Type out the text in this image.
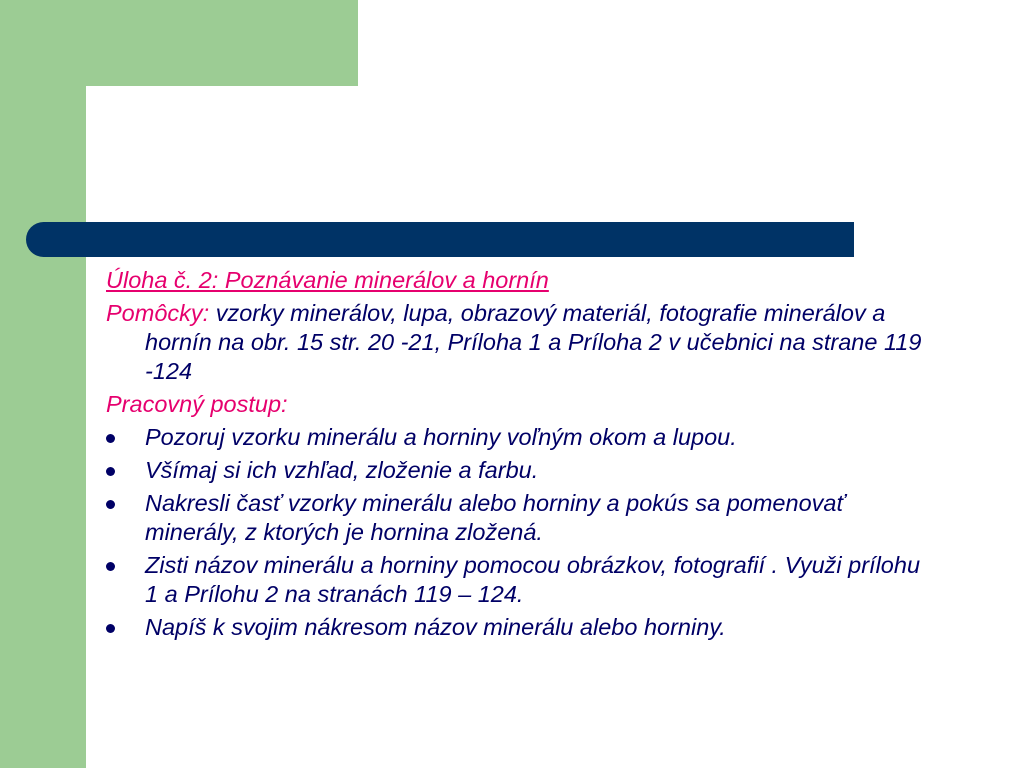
Úloha č. 2: Poznávanie minerálov a hornín
Pomôcky: vzorky minerálov, lupa, obrazový materiál, fotografie minerálov a hornín na obr. 15 str. 20 -21, Príloha 1 a Príloha 2 v učebnici na strane 119 -124
Pracovný postup:
Pozoruj vzorku minerálu a horniny voľným okom a lupou.
Všímaj si ich vzhľad, zloženie a farbu.
Nakresli časť vzorky minerálu alebo horniny a pokús sa pomenovať minerály, z ktorých je hornina zložená.
Zisti názov minerálu a horniny pomocou obrázkov, fotografií . Využi prílohu 1 a Prílohu 2 na stranách 119 – 124.
Napíš k svojim nákresom názov minerálu alebo horniny.
